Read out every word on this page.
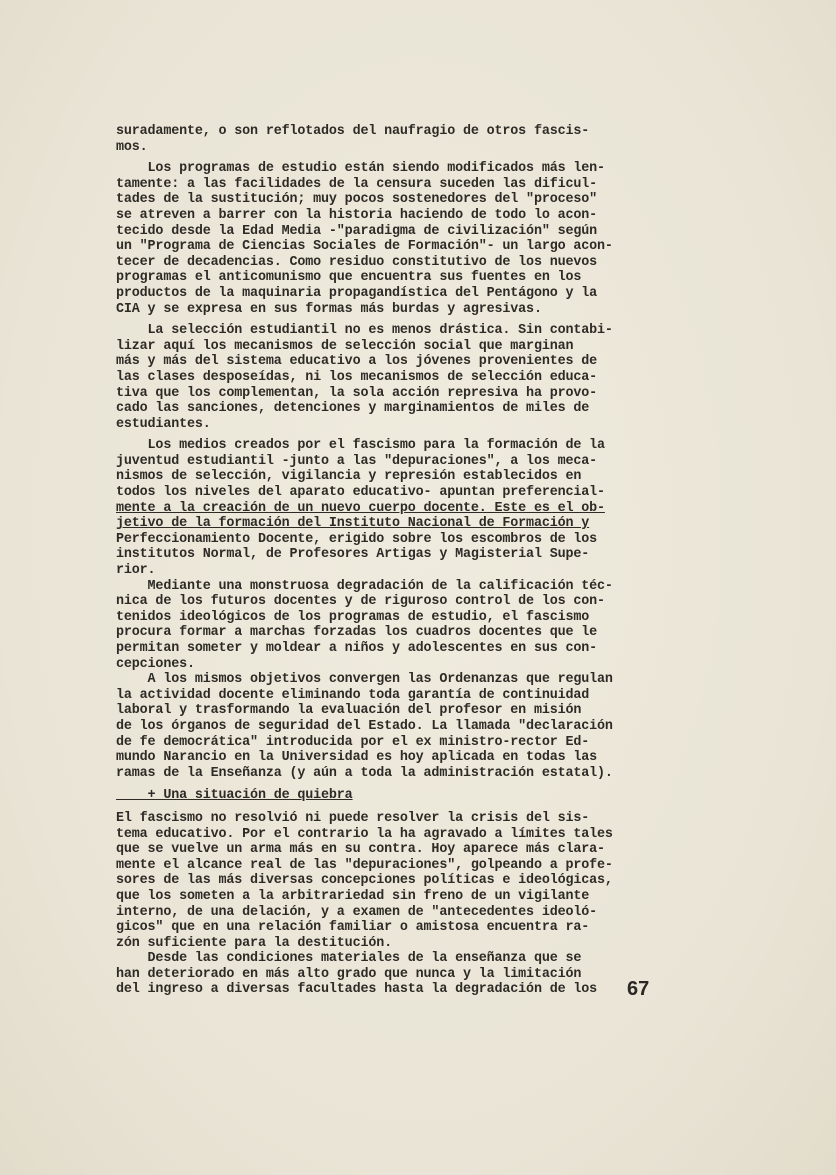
suradamente, o son reflotados del naufragio de otros fascis-
mos.
Los programas de estudio están siendo modificados más len-
tamente: a las facilidades de la censura suceden las dificul-
tades de la sustitución; muy pocos sostenedores del "proceso"
se atreven a barrer con la historia haciendo de todo lo acon-
tecido desde la Edad Media -"paradigma de civilización" según
un "Programa de Ciencias Sociales de Formación"- un largo acon-
tecer de decadencias. Como residuo constitutivo de los nuevos
programas el anticomunismo que encuentra sus fuentes en los
productos de la maquinaria propagandística del Pentágono y la
CIA y se expresa en sus formas más burdas y agresivas.
La selección estudiantil no es menos drástica. Sin contabi-
lizar aquí los mecanismos de selección social que marginan
más y más del sistema educativo a los jóvenes provenientes de
las clases desposeídas, ni los mecanismos de selección educa-
tiva que los complementan, la sola acción represiva ha provo-
cado las sanciones, detenciones y marginamientos de miles de
estudiantes.
Los medios creados por el fascismo para la formación de la
juventud estudiantil -junto a las "depuraciones", a los meca-
nismos de selección, vigilancia y represión establecidos en
todos los niveles del aparato educativo- apuntan preferencial-
mente a la creación de un nuevo cuerpo docente. Este es el ob-
jetivo de la formación del Instituto Nacional de Formación y
Perfeccionamiento Docente, erigido sobre los escombros de los
institutos Normal, de Profesores Artigas y Magisterial Supe-
rior.
Mediante una monstruosa degradación de la calificación téc-
nica de los futuros docentes y de riguroso control de los con-
tenidos ideológicos de los programas de estudio, el fascismo
procura formar a marchas forzadas los cuadros docentes que le
permitan someter y moldear a niños y adolescentes en sus con-
cepciones.
A los mismos objetivos convergen las Ordenanzas que regulan
la actividad docente eliminando toda garantía de continuidad
laboral y trasformando la evaluación del profesor en misión
de los órganos de seguridad del Estado. La llamada "declaración
de fe democrática" introducida por el ex ministro-rector Ed-
mundo Narancio en la Universidad es hoy aplicada en todas las
ramas de la Enseñanza (y aún a toda la administración estatal).
+ Una situación de quiebra
El fascismo no resolvió ni puede resolver la crisis del sis-
tema educativo. Por el contrario la ha agravado a límites tales
que se vuelve un arma más en su contra. Hoy aparece más clara-
mente el alcance real de las "depuraciones", golpeando a profe-
sores de las más diversas concepciones políticas e ideológicas,
que los someten a la arbitrariedad sin freno de un vigilante
interno, de una delación, y a examen de "antecedentes ideoló-
gicos" que en una relación familiar o amistosa encuentra ra-
zón suficiente para la destitución.
Desde las condiciones materiales de la enseñanza que se
han deteriorado en más alto grado que nunca y la limitación
del ingreso a diversas facultades hasta la degradación de los	67
